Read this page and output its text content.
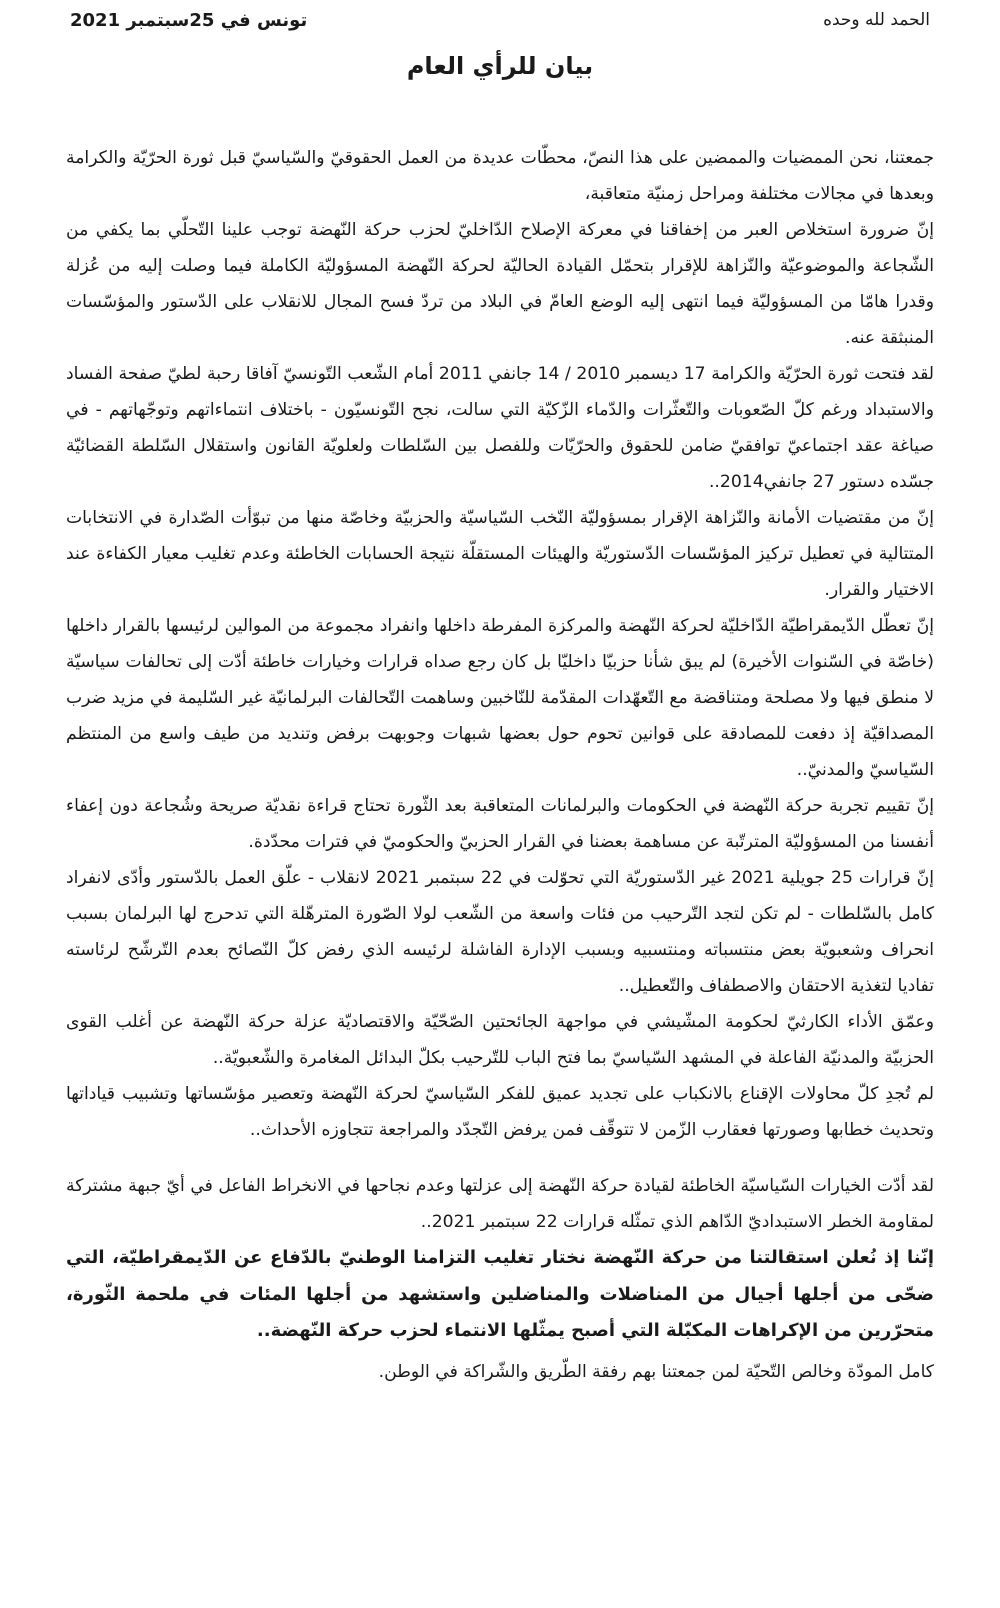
الحمد لله وحده
تونس في 25سبتمبر 2021
بيان للرأي العام

جمعتنا، نحن الممضيات والممضين على هذا النصّ، محطّات عديدة من العمل الحقوقيّ والسّياسيّ قبل ثورة الحرّيّة والكرامة وبعدها في مجالات مختلفة ومراحل زمنيّة متعاقبة،

إنّ ضرورة استخلاص العبر من إخفاقنا في معركة الإصلاح الدّاخليّ لحزب حركة النّهضة توجب علينا التّحلّي بما يكفي من الشّجاعة والموضوعيّة والنّزاهة للإقرار بتحمّل القيادة الحاليّة لحركة النّهضة المسؤوليّة الكاملة فيما وصلت إليه من عُزلة وقدرا هامّا من المسؤوليّة فيما انتهى إليه الوضع العامّ في البلاد من تردّ فسح المجال للانقلاب على الدّستور والمؤسّسات المنبثقة عنه.

لقد فتحت ثورة الحرّيّة والكرامة 17 ديسمبر 2010 / 14 جانفي 2011 أمام الشّعب التّونسيّ آفاقا رحبة لطيّ صفحة الفساد والاستبداد ورغم كلّ الصّعوبات والتّعثّرات والدّماء الزّكيّة التي سالت، نجح التّونسيّون - باختلاف انتماءاتهم وتوجّهاتهم - في صياغة عقد اجتماعيّ توافقيّ ضامن للحقوق والحرّيّات وللفصل بين السّلطات ولعلويّة القانون واستقلال السّلطة القضائيّة جسّده دستور 27 جانفي2014..

إنّ من مقتضيات الأمانة والنّزاهة الإقرار بمسؤوليّة النّخب السّياسيّة والحزبيّة وخاصّة منها من تبوّأت الصّدارة في الانتخابات المتتالية في تعطيل تركيز المؤسّسات الدّستوريّة والهيئات المستقلّة نتيجة الحسابات الخاطئة وعدم تغليب معيار الكفاءة عند الاختيار والقرار.

إنّ تعطّل الدّيمقراطيّة الدّاخليّة لحركة النّهضة والمركزة المفرطة داخلها وانفراد مجموعة من الموالين لرئيسها بالقرار داخلها (خاصّة في السّنوات الأخيرة) لم يبق شأنا حزبيّا داخليّا بل كان رجع صداه قرارات وخيارات خاطئة أدّت إلى تحالفات سياسيّة لا منطق فيها ولا مصلحة ومتناقضة مع التّعهّدات المقدّمة للنّاخبين وساهمت التّحالفات البرلمانيّة غير السّليمة في مزيد ضرب المصداقيّة إذ دفعت للمصادقة على قوانين تحوم حول بعضها شبهات وجوبهت برفض وتنديد من طيف واسع من المنتظم السّياسيّ والمدنيّ..

إنّ تقييم تجربة حركة النّهضة في الحكومات والبرلمانات المتعاقبة بعد الثّورة تحتاج قراءة نقديّة صريحة وشُجاعة دون إعفاء أنفسنا من المسؤوليّة المترتّبة عن مساهمة بعضنا في القرار الحزبيّ والحكوميّ في فترات محدّدة.

إنّ قرارات 25 جويلية 2021 غير الدّستوريّة التي تحوّلت في 22 سبتمبر 2021 لانقلاب - علّق العمل بالدّستور وأدّى لانفراد كامل بالسّلطات - لم تكن لتجد التّرحيب من فئات واسعة من الشّعب لولا الصّورة المترهّلة التي تدحرج لها البرلمان بسبب انحراف وشعبويّة بعض منتسباته ومنتسبيه وبسبب الإدارة الفاشلة لرئيسه الذي رفض كلّ النّصائح بعدم التّرشّح لرئاسته تفاديا لتغذية الاحتقان والاصطفاف والتّعطيل..

وعمّق الأداء الكارثيّ لحكومة المشّيشي في مواجهة الجائحتين الصّحّيّة والاقتصاديّة عزلة حركة النّهضة عن أغلب القوى الحزبيّة والمدنيّة الفاعلة في المشهد السّياسيّ بما فتح الباب للتّرحيب بكلّ البدائل المغامرة والشّعبويّة..

لم تُجدِ كلّ محاولات الإقناع بالانكباب على تجديد عميق للفكر السّياسيّ لحركة النّهضة وتعصير مؤسّساتها وتشبيب قياداتها وتحديث خطابها وصورتها فعقارب الزّمن لا تتوقّف فمن يرفض التّجدّد والمراجعة تتجاوزه الأحداث..

لقد أدّت الخيارات السّياسيّة الخاطئة لقيادة حركة النّهضة إلى عزلتها وعدم نجاحها في الانخراط الفاعل في أيّ جبهة مشتركة لمقاومة الخطر الاستبداديّ الدّاهم الذي تمثّله قرارات 22 سبتمبر 2021..

إنّنا إذ نُعلن استقالتنا من حركة النّهضة نختار تغليب التزامنا الوطنيّ بالدّفاع عن الدّيمقراطيّة، التي ضحّى من أجلها أجيال من المناضلات والمناضلين واستشهد من أجلها المئات في ملحمة الثّورة، متحرّرين من الإكراهات المكبّلة التي أصبح يمثّلها الانتماء لحزب حركة النّهضة..

كامل المودّة وخالص التّحيّة لمن جمعتنا بهم رفقة الطّريق والشّراكة في الوطن.
